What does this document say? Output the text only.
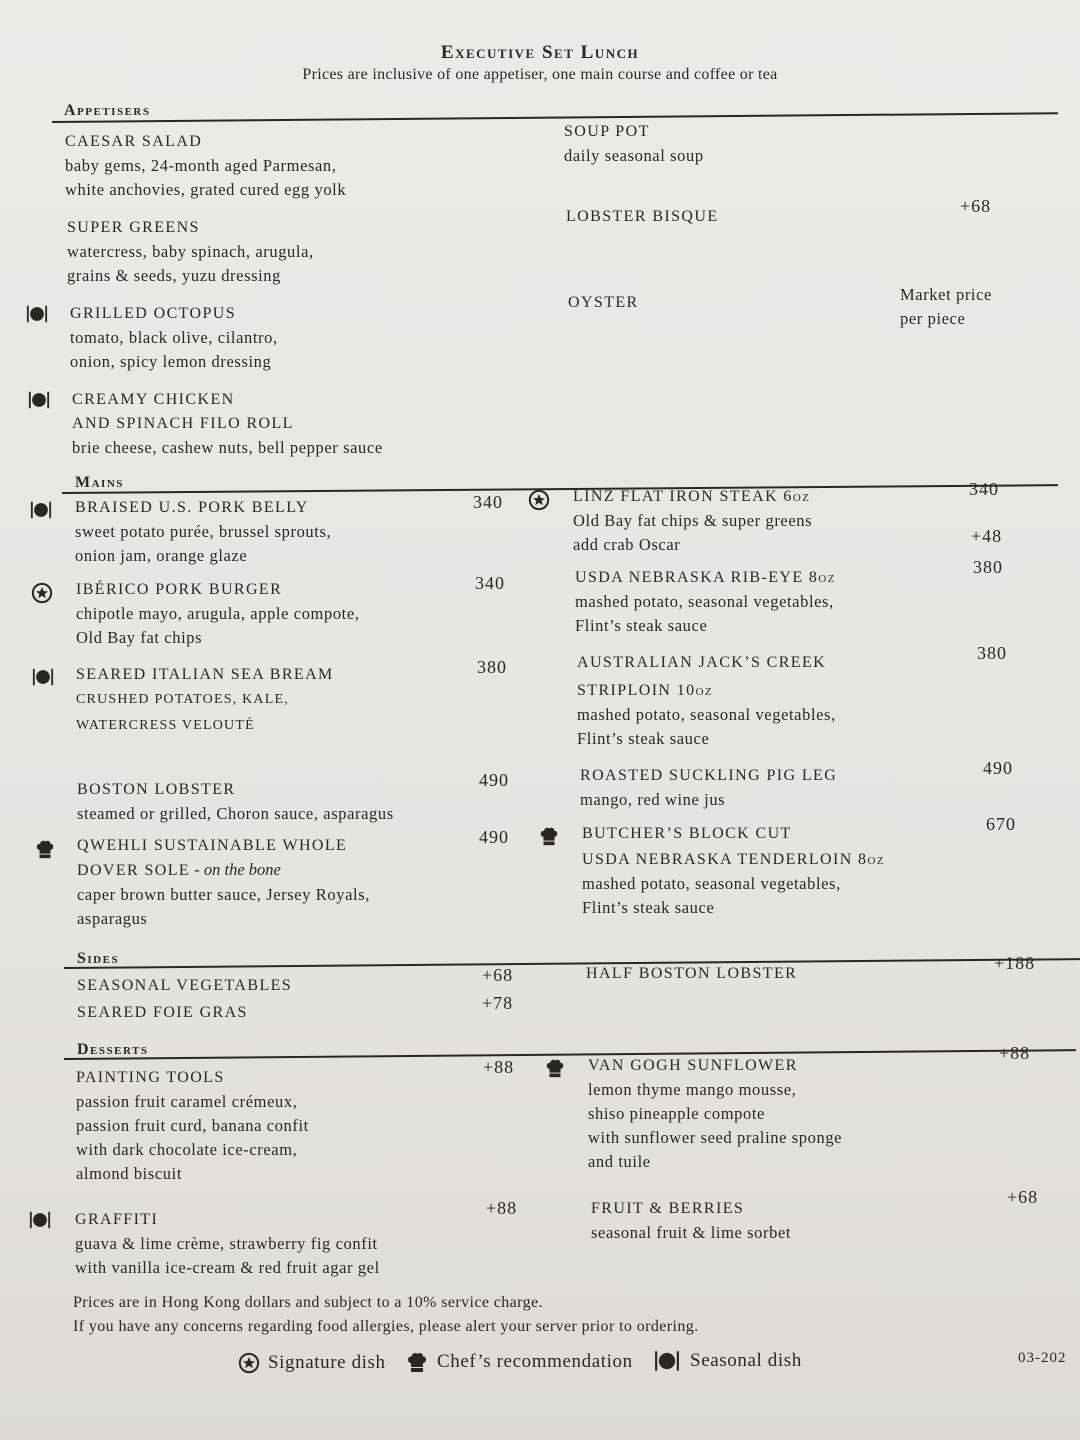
Executive Set Lunch
Prices are inclusive of one appetiser, one main course and coffee or tea
Appetisers
CAESAR SALAD
baby gems, 24-month aged Parmesan,
white anchovies, grated cured egg yolk
SUPER GREENS
watercress, baby spinach, arugula,
grains & seeds, yuzu dressing
GRILLED OCTOPUS
tomato, black olive, cilantro,
onion, spicy lemon dressing
CREAMY CHICKEN
AND SPINACH FILO ROLL
brie cheese, cashew nuts, bell pepper sauce
SOUP POT
daily seasonal soup
LOBSTER BISQUE
+68
OYSTER	Market price
per piece
Mains
BRAISED U.S. PORK BELLY
sweet potato purée, brussel sprouts,
onion jam, orange glaze
340
IBÉRICO PORK BURGER
chipotle mayo, arugula, apple compote,
Old Bay fat chips
340
SEARED ITALIAN SEA BREAM
CRUSHED POTATOES, KALE,
WATERCRESS VELOUTÉ
380
BOSTON LOBSTER
steamed or grilled, Choron sauce, asparagus
490
QWEHLI SUSTAINABLE WHOLE
DOVER SOLE - on the bone
caper brown butter sauce, Jersey Royals,
asparagus
490
LINZ FLAT IRON STEAK 6oz
Old Bay fat chips & super greens
add crab Oscar
340
+48
USDA NEBRASKA RIB-EYE 8oz
mashed potato, seasonal vegetables,
Flint’s steak sauce
380
AUSTRALIAN JACK’S CREEK
STRIPLOIN 10oz
mashed potato, seasonal vegetables,
Flint’s steak sauce
380
ROASTED SUCKLING PIG LEG
mango, red wine jus
490
BUTCHER’S BLOCK CUT
USDA NEBRASKA TENDERLOIN 8oz
mashed potato, seasonal vegetables,
Flint’s steak sauce
670
Sides
SEASONAL VEGETABLES
+68
SEARED FOIE GRAS	+78
HALF BOSTON LOBSTER
+188
Desserts
PAINTING TOOLS
passion fruit caramel crémeux,
passion fruit curd, banana confit
with dark chocolate ice-cream,
almond biscuit
+88
GRAFFITI
guava & lime crème, strawberry fig confit
with vanilla ice-cream & red fruit agar gel
+88
VAN GOGH SUNFLOWER
lemon thyme mango mousse,
shiso pineapple compote
with sunflower seed praline sponge
and tuile
+88
FRUIT & BERRIES
seasonal fruit & lime sorbet
+68
Prices are in Hong Kong dollars and subject to a 10% service charge.
If you have any concerns regarding food allergies, please alert your server prior to ordering.
Signature dish
	Chef’s recommendation
	Seasonal dish	03-202
